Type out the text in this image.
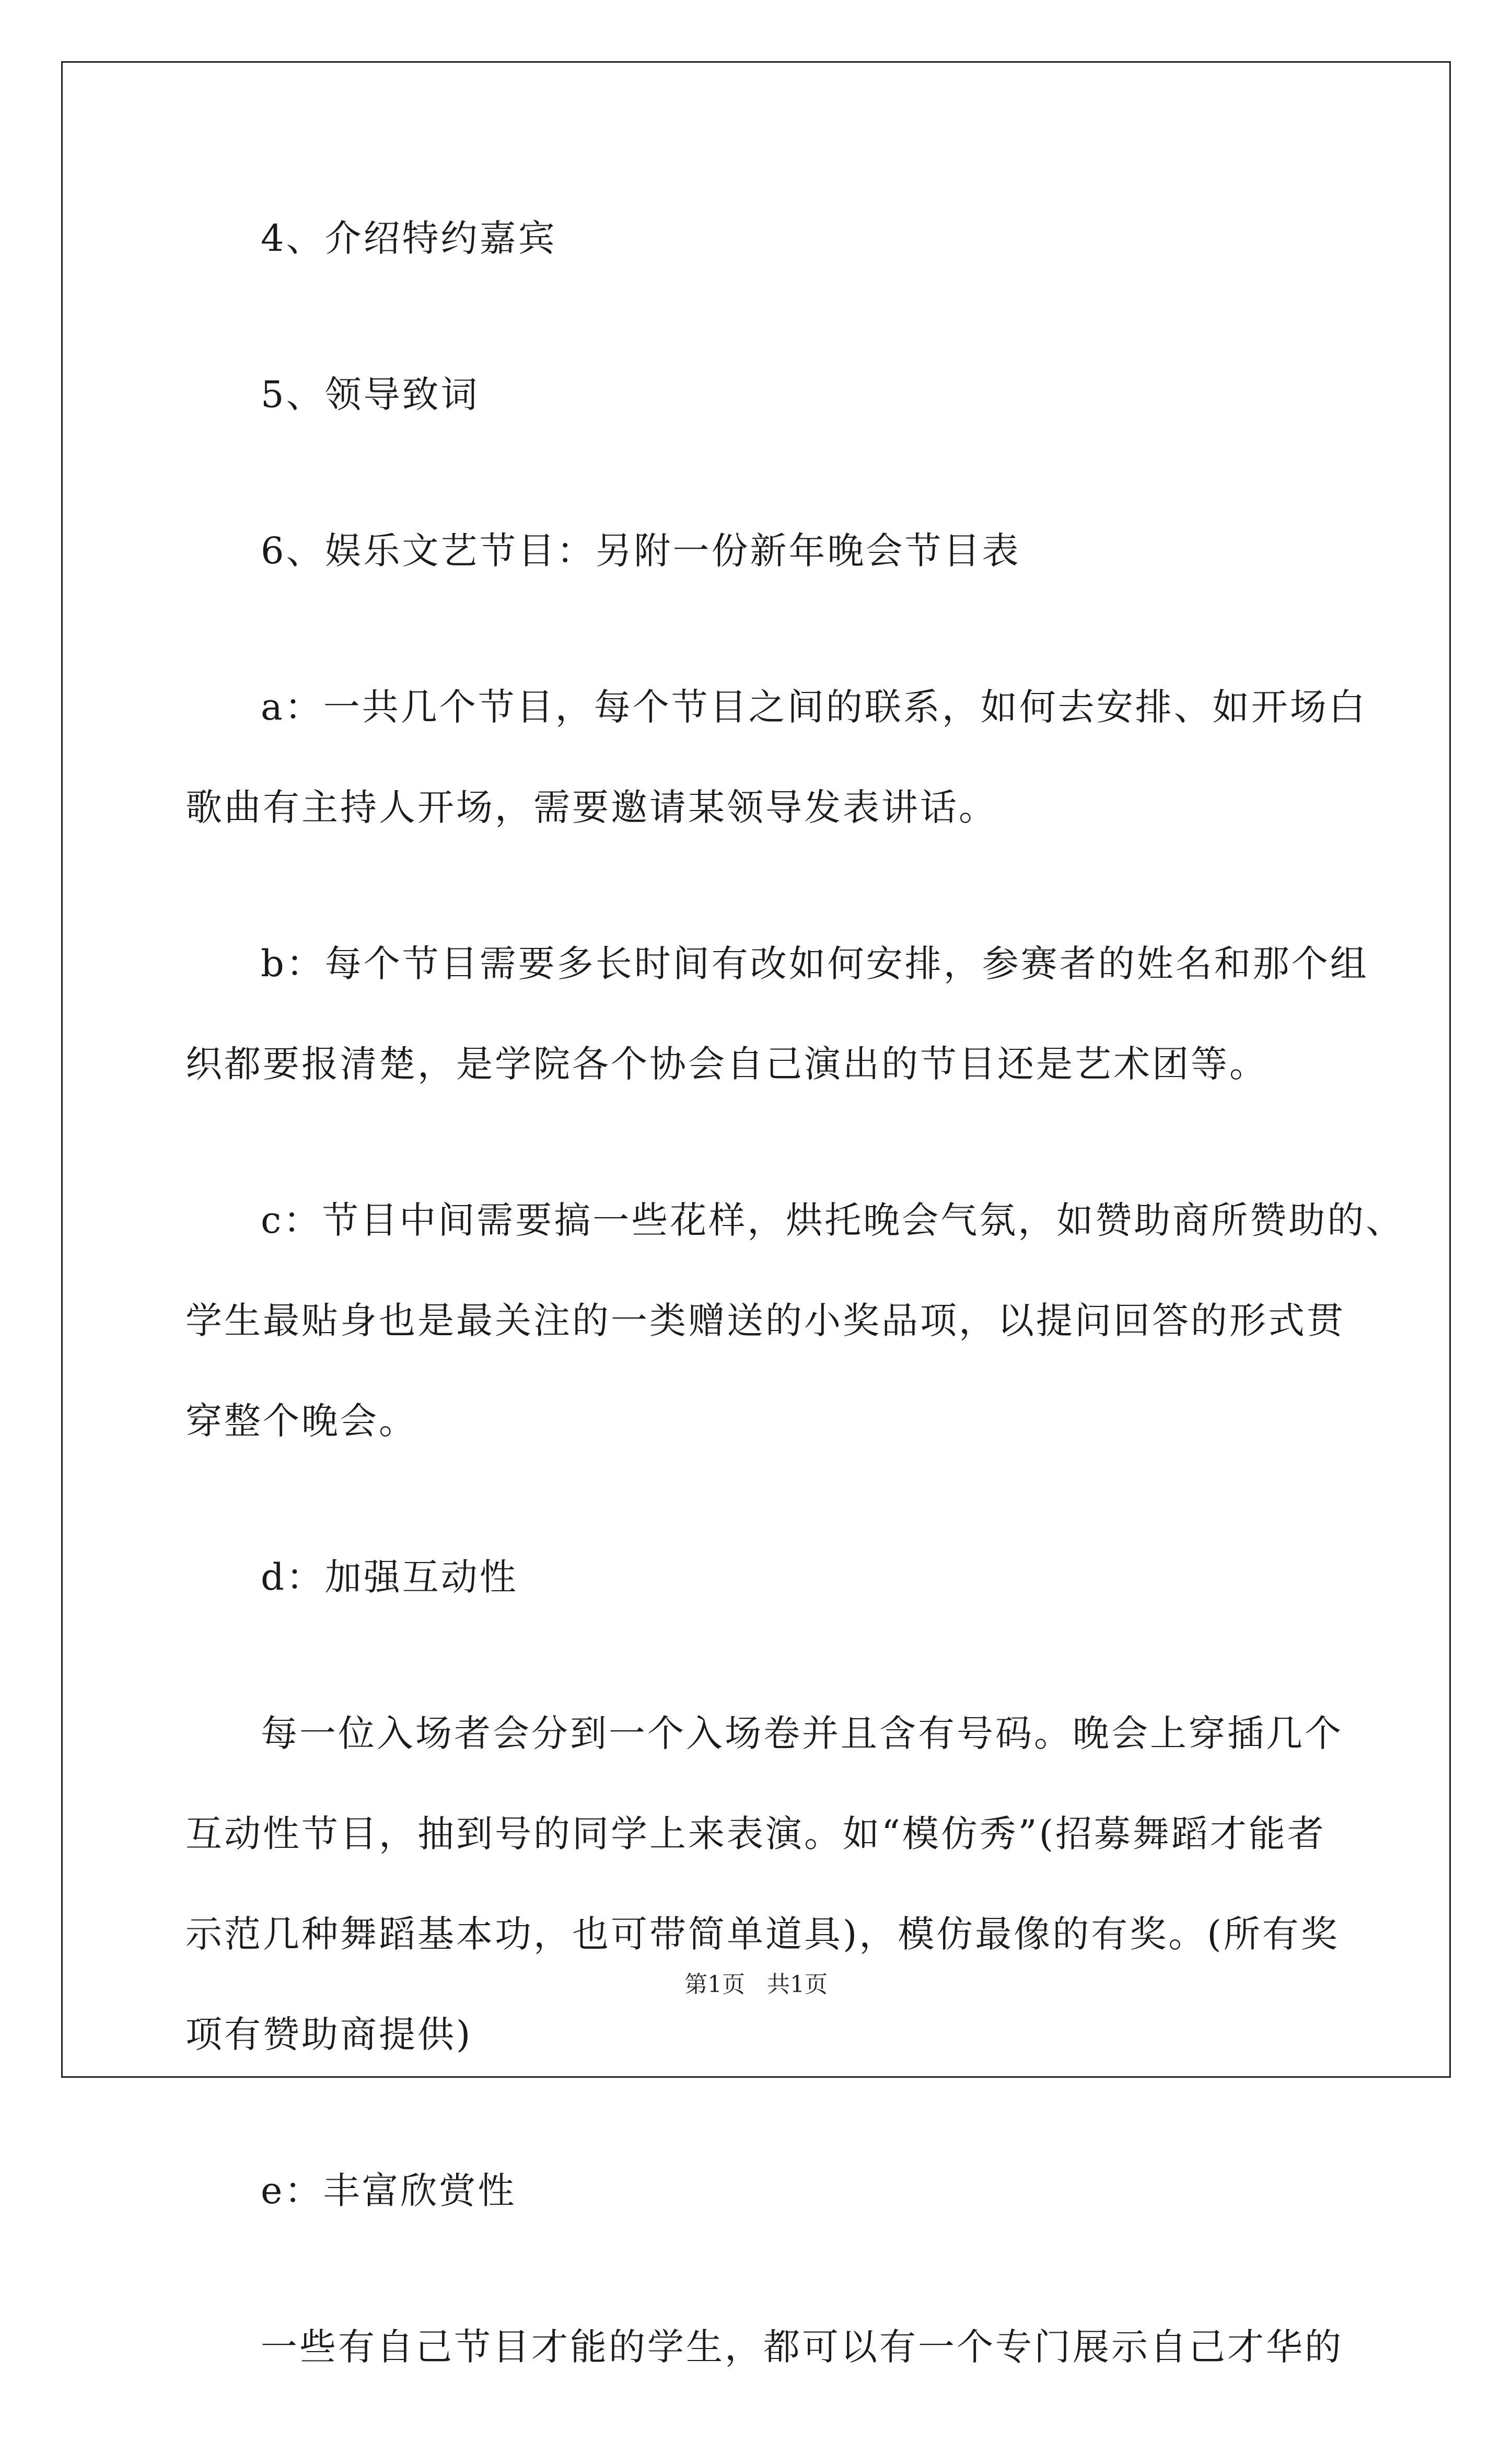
4、介绍特约嘉宾

5、领导致词

6、娱乐文艺节目：另附一份新年晚会节目表

a：一共几个节目，每个节目之间的联系，如何去安排、如开场白
歌曲有主持人开场，需要邀请某领导发表讲话。

b：每个节目需要多长时间有改如何安排，参赛者的姓名和那个组
织都要报清楚，是学院各个协会自己演出的节目还是艺术团等。

c：节目中间需要搞一些花样，烘托晚会气氛，如赞助商所赞助的、
学生最贴身也是最关注的一类赠送的小奖品项，以提问回答的形式贯
穿整个晚会。

d：加强互动性

每一位入场者会分到一个入场卷并且含有号码。晚会上穿插几个
互动性节目，抽到号的同学上来表演。如“模仿秀”(招募舞蹈才能者
示范几种舞蹈基本功，也可带简单道具)，模仿最像的有奖。(所有奖
项有赞助商提供)

e：丰富欣赏性

一些有自己节目才能的学生，都可以有一个专门展示自己才华的

第1页   共1页
